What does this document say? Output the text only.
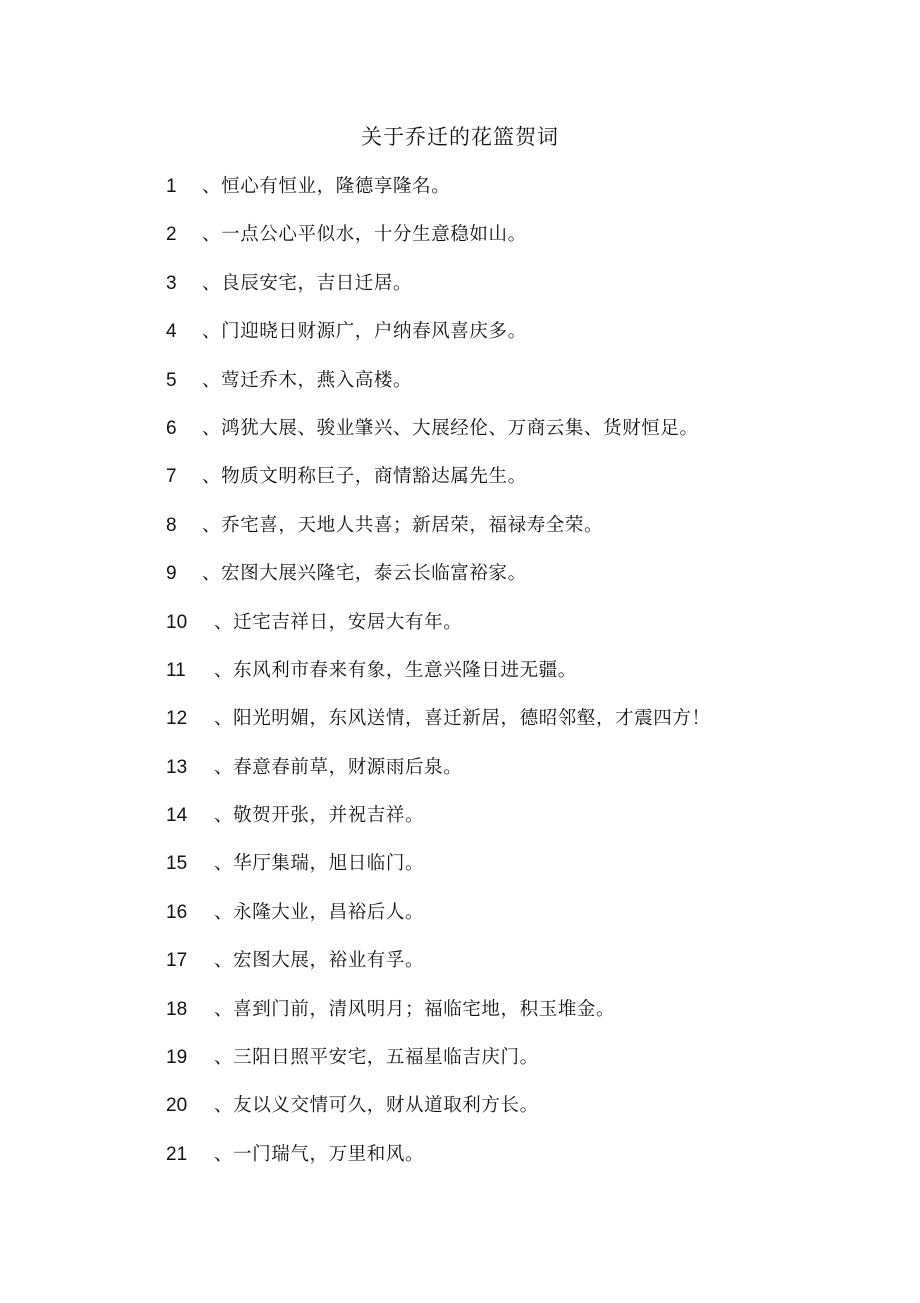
关于乔迁的花篮贺词
1	、恒心有恒业，隆德享隆名。
2	、一点公心平似水，十分生意稳如山。
3	、良辰安宅，吉日迁居。
4	、门迎晓日财源广，户纳春风喜庆多。
5	、莺迁乔木，燕入高楼。
6	、鸿犹大展、骏业肇兴、大展经伦、万商云集、货财恒足。
7	、物质文明称巨子，商情豁达属先生。
8	、乔宅喜，天地人共喜；新居荣，福禄寿全荣。
9	、宏图大展兴隆宅，泰云长临富裕家。
10	、迁宅吉祥日，安居大有年。
11	、东风利市春来有象，生意兴隆日进无疆。
12	、阳光明媚，东风送情，喜迁新居，德昭邻壑，才震四方！
13	、春意春前草，财源雨后泉。
14	、敬贺开张，并祝吉祥。
15	、华厅集瑞，旭日临门。
16	、永隆大业，昌裕后人。
17	、宏图大展，裕业有孚。
18	、喜到门前，清风明月；福临宅地，积玉堆金。
19	、三阳日照平安宅，五福星临吉庆门。
20	、友以义交情可久，财从道取利方长。
21	、一门瑞气，万里和风。
